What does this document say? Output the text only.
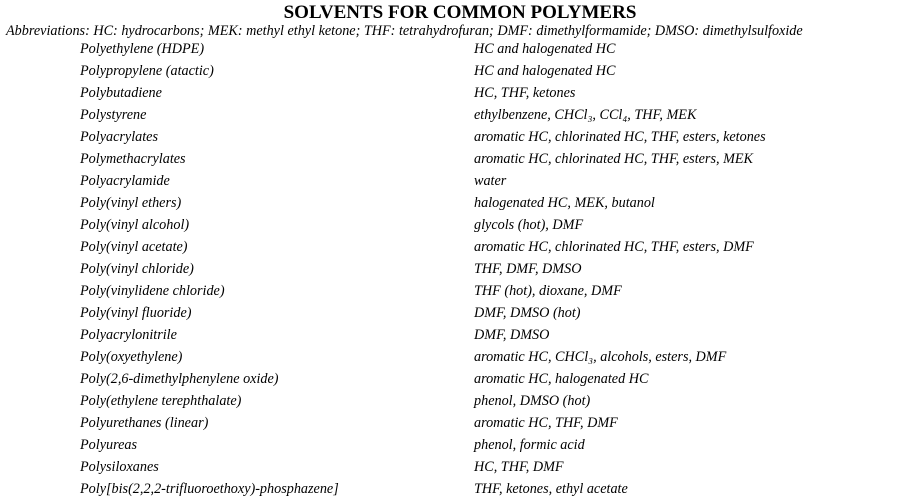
SOLVENTS FOR COMMON POLYMERS
Abbreviations: HC: hydrocarbons; MEK: methyl ethyl ketone; THF: tetrahydrofuran; DMF: dimethylformamide; DMSO: dimethylsulfoxide
Polyethylene (HDPE)	HC and halogenated HC
Polypropylene (atactic)	HC and halogenated HC
Polybutadiene	HC, THF, ketones
Polystyrene	ethylbenzene, CHCl₃, CCl₄, THF, MEK
Polyacrylates	aromatic HC, chlorinated HC, THF, esters, ketones
Polymethacrylates	aromatic HC, chlorinated HC, THF, esters, MEK
Polyacrylamide	water
Poly(vinyl ethers)	halogenated HC, MEK, butanol
Poly(vinyl alcohol)	glycols (hot), DMF
Poly(vinyl acetate)	aromatic HC, chlorinated HC, THF, esters, DMF
Poly(vinyl chloride)	THF, DMF, DMSO
Poly(vinylidene chloride)	THF (hot), dioxane, DMF
Poly(vinyl fluoride)	DMF, DMSO (hot)
Polyacrylonitrile	DMF, DMSO
Poly(oxyethylene)	aromatic HC, CHCl₃, alcohols, esters, DMF
Poly(2,6-dimethylphenylene oxide)	aromatic HC, halogenated HC
Poly(ethylene terephthalate)	phenol, DMSO (hot)
Polyurethanes (linear)	aromatic HC, THF, DMF
Polyureas	phenol, formic acid
Polysiloxanes	HC, THF, DMF
Poly[bis(2,2,2-trifluoroethoxy)-phosphazene]	THF, ketones, ethyl acetate
